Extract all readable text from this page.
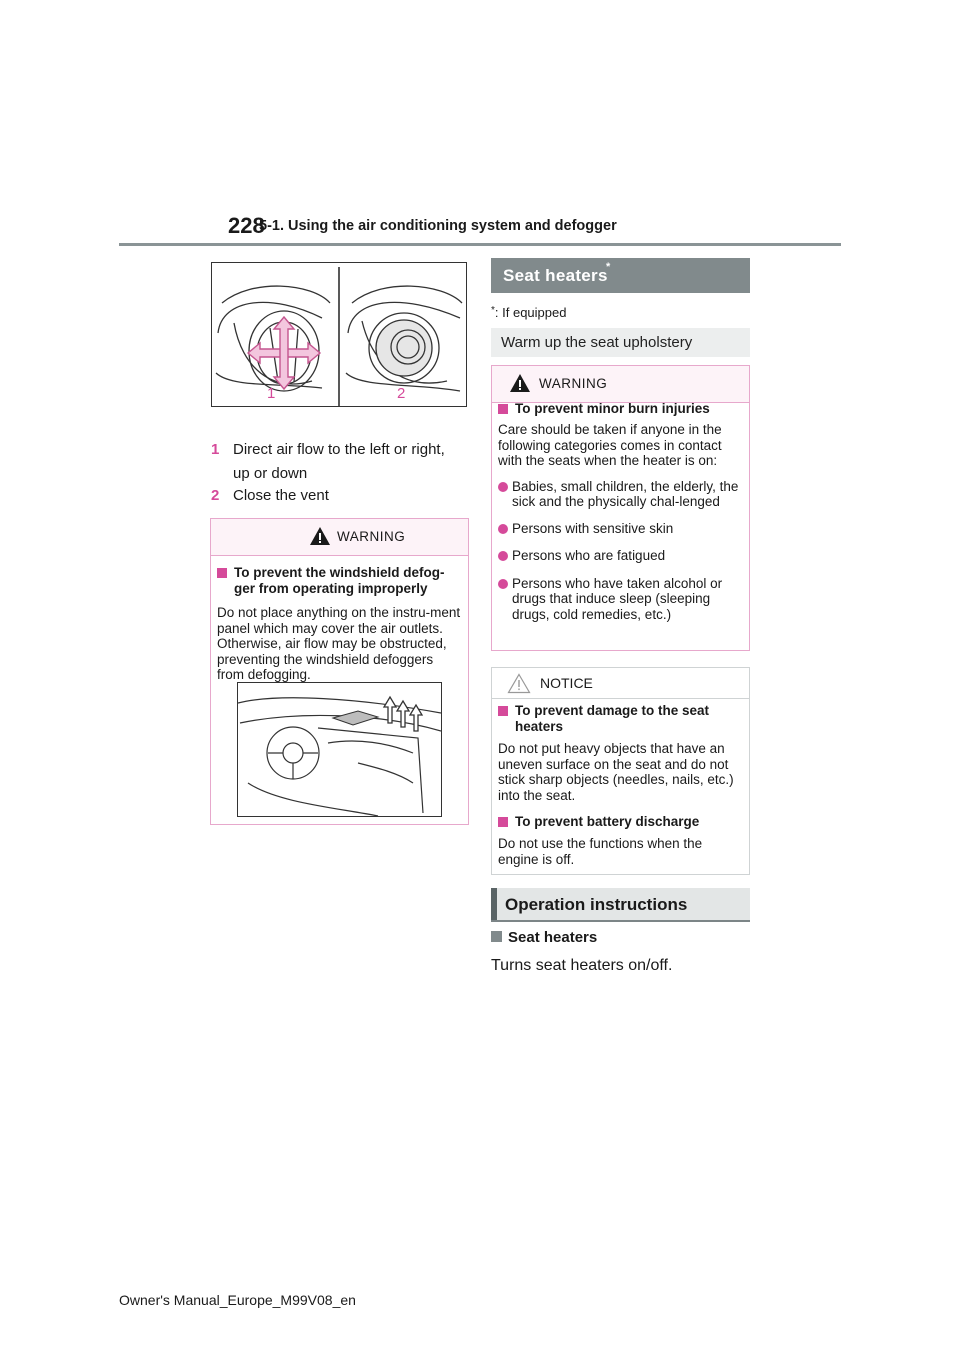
228
5-1. Using the air conditioning system and defogger
1	2
1 Direct air flow to the left or right, up or down
2 Close the vent
WARNING
To prevent the windshield defog-ger from operating improperly
Do not place anything on the instru-ment panel which may cover the air outlets. Otherwise, air flow may be obstructed, preventing the windshield defoggers from defogging.
Seat heaters
*
*: If equipped
Warm up the seat upholstery
WARNING
To prevent minor burn injuries
Care should be taken if anyone in the following categories comes in contact with the seats when the heater is on:
Babies, small children, the elderly, the sick and the physically chal-lenged
Persons with sensitive skin
Persons who are fatigued
Persons who have taken alcohol or drugs that induce sleep (sleeping drugs, cold remedies, etc.)
NOTICE
To prevent damage to the seat heaters
Do not put heavy objects that have an uneven surface on the seat and do not stick sharp objects (needles, nails, etc.) into the seat.
To prevent battery discharge
Do not use the functions when the engine is off.
Operation instructions
Seat heaters
Turns seat heaters on/off.
Owner's Manual_Europe_M99V08_en
